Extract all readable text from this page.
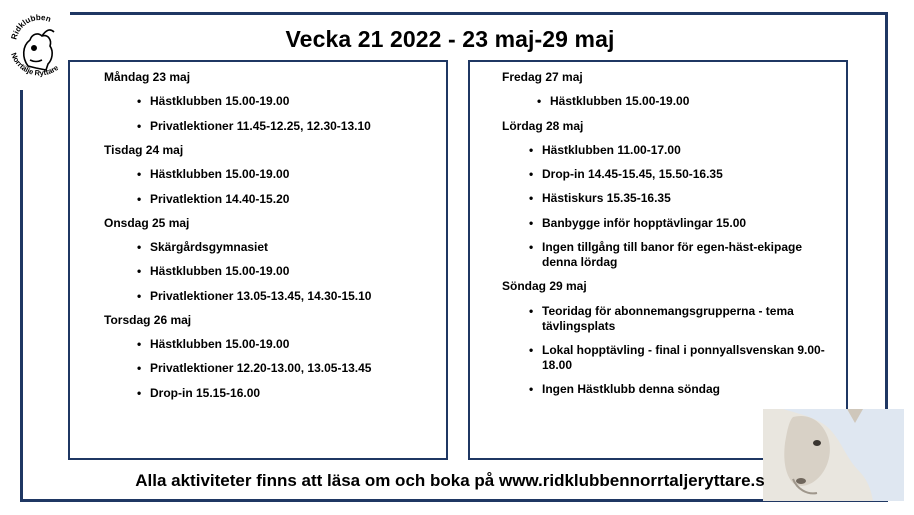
Ridklubben
Norrtälje Ryttare
Vecka 21 2022 - 23 maj-29 maj
Måndag 23 maj
• Hästklubben 15.00-19.00
• Privatlektioner 11.45-12.25, 12.30-13.10
Tisdag 24 maj
• Hästklubben 15.00-19.00
• Privatlektion 14.40-15.20
Onsdag 25 maj
• Skärgårdsgymnasiet
• Hästklubben 15.00-19.00
• Privatlektioner 13.05-13.45, 14.30-15.10
Torsdag 26 maj
• Hästklubben 15.00-19.00
• Privatlektioner 12.20-13.00, 13.05-13.45
• Drop-in 15.15-16.00
Fredag 27 maj
• Hästklubben 15.00-19.00
Lördag 28 maj
• Hästklubben 11.00-17.00
• Drop-in 14.45-15.45, 15.50-16.35
• Hästiskurs 15.35-16.35
• Banbygge inför hopptävlingar 15.00
• Ingen tillgång till banor för egen-häst-ekipage denna lördag
Söndag 29 maj
• Teoridag för abonnemangsgrupperna - tema tävlingsplats
• Lokal hopptävling - final i ponnyallsvenskan 9.00-18.00
• Ingen Hästklubb denna söndag
Alla aktiviteter finns att läsa om och boka på www.ridklubbennorrtaljeryttare.s
